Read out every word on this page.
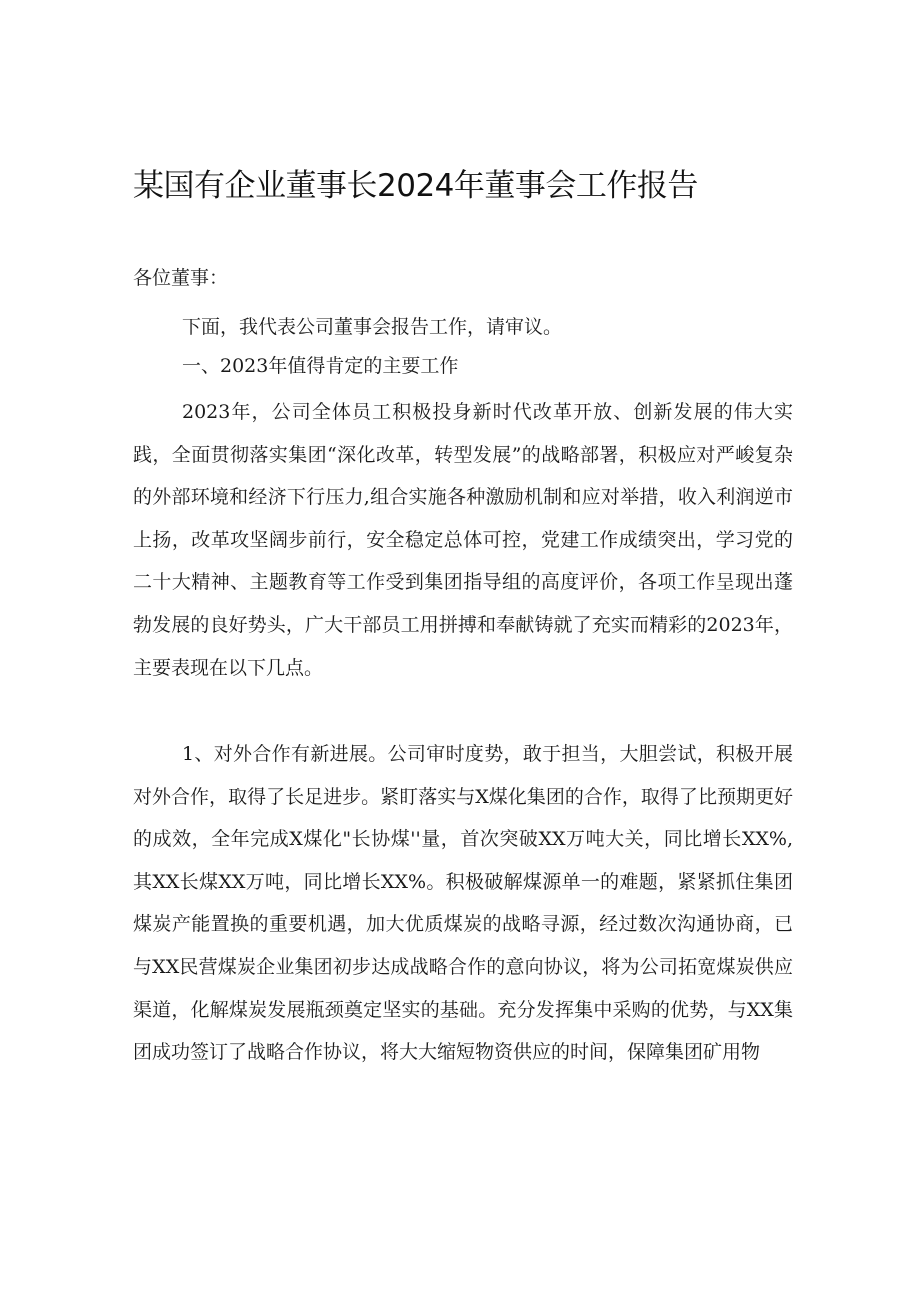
某国有企业董事长2024年董事会工作报告
各位董事：
下面，我代表公司董事会报告工作，请审议。
一、2023年值得肯定的主要工作
2023年，公司全体员工积极投身新时代改革开放、创新发展的伟大实践，全面贯彻落实集团“深化改革，转型发展”的战略部署，积极应对严峻复杂的外部环境和经济下行压力,组合实施各种激励机制和应对举措，收入利润逆市上扬，改革攻坚阔步前行，安全稳定总体可控，党建工作成绩突出，学习党的二十大精神、主题教育等工作受到集团指导组的高度评价，各项工作呈现出蓬勃发展的良好势头，广大干部员工用拼搏和奉献铸就了充实而精彩的2023年，主要表现在以下几点。
1、对外合作有新进展。公司审时度势，敢于担当，大胆尝试，积极开展对外合作，取得了长足进步。紧盯落实与X煤化集团的合作，取得了比预期更好的成效，全年完成X煤化"长协煤''量，首次突破XX万吨大关，同比增长XX%,其XX长煤XX万吨，同比增长XX%。积极破解煤源单一的难题，紧紧抓住集团煤炭产能置换的重要机遇，加大优质煤炭的战略寻源，经过数次沟通协商，已与XX民营煤炭企业集团初步达成战略合作的意向协议，将为公司拓宽煤炭供应渠道，化解煤炭发展瓶颈奠定坚实的基础。充分发挥集中采购的优势，与XX集团成功签订了战略合作协议，将大大缩短物资供应的时间，保障集团矿用物
